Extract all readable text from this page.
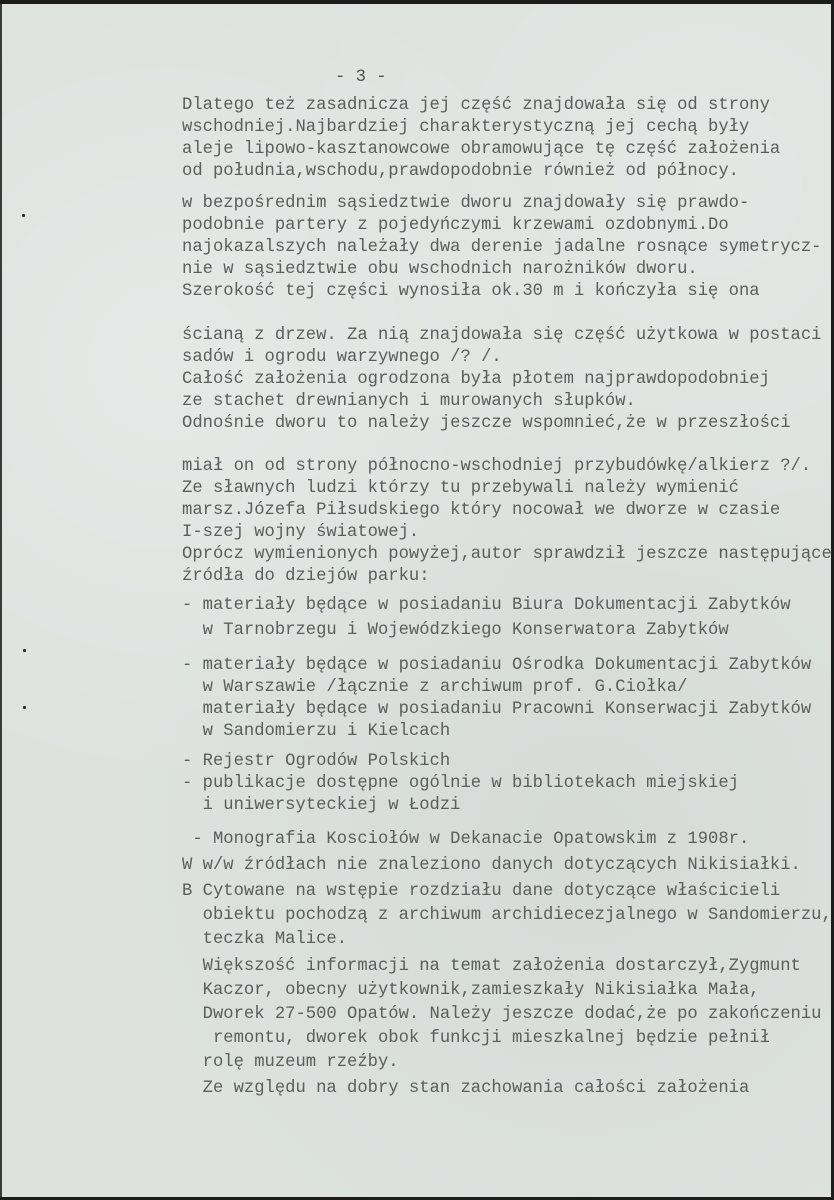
- 3 -
Dlatego też zasadnicza jej część znajdowała się od strony
wschodniej.Najbardziej charakterystyczną jej cechą były
aleje lipowo-kasztanowcowe obramowujące tę część założenia
od południa,wschodu,prawdopodobnie również od północy.
w bezpośrednim sąsiedztwie dworu znajdowały się prawdo-
podobnie partery z pojedyńczymi krzewami ozdobnymi.Do
najokazalszych należały dwa derenie jadalne rosnące symetrycz-
nie w sąsiedztwie obu wschodnich narożników dworu.
Szerokość tej części wynosiła ok.30 m i kończyła się ona
ścianą z drzew. Za nią znajdowała się część użytkowa w postaci
sadów i ogrodu warzywnego /? /.
Całość założenia ogrodzona była płotem najprawdopodobniej
ze stachet drewnianych i murowanych słupków.
Odnośnie dworu to należy jeszcze wspomnieć,że w przeszłości
miał on od strony północno-wschodniej przybudówkę/alkierz ?/.
Ze sławnych ludzi którzy tu przebywali należy wymienić
marsz.Józefa Piłsudskiego który nocował we dworze w czasie
I-szej wojny światowej.
Oprócz wymienionych powyżej,autor sprawdził jeszcze następujące
źródła do dziejów parku:
- materiały będące w posiadaniu Biura Dokumentacji Zabytków
w Tarnobrzegu i Wojewódzkiego Konserwatora Zabytków
- materiały będące w posiadaniu Ośrodka Dokumentacji Zabytków
w Warszawie /łącznie z archiwum prof. G.Ciołka/
materiały będące w posiadaniu Pracowni Konserwacji Zabytków
w Sandomierzu i Kielcach
- Rejestr Ogrodów Polskich
- publikacje dostępne ogólnie w bibliotekach miejskiej
i uniwersyteckiej w Łodzi
- Monografia Kosciołów w Dekanacie Opatowskim z 1908r.
W w/w źródłach nie znaleziono danych dotyczących Nikisiałki.
B Cytowane na wstępie rozdziału dane dotyczące właścicieli
obiektu pochodzą z archiwum archidiecezjalnego w Sandomierzu,
teczka Malice.
Większość informacji na temat założenia dostarczył,Zygmunt
Kaczor, obecny użytkownik,zamieszkały Nikisiałka Mała,
Dworek 27-500 Opatów. Należy jeszcze dodać,że po zakończeniu
remontu, dworek obok funkcji mieszkalnej będzie pełnił
rolę muzeum rzeźby.
Ze względu na dobry stan zachowania całości założenia
